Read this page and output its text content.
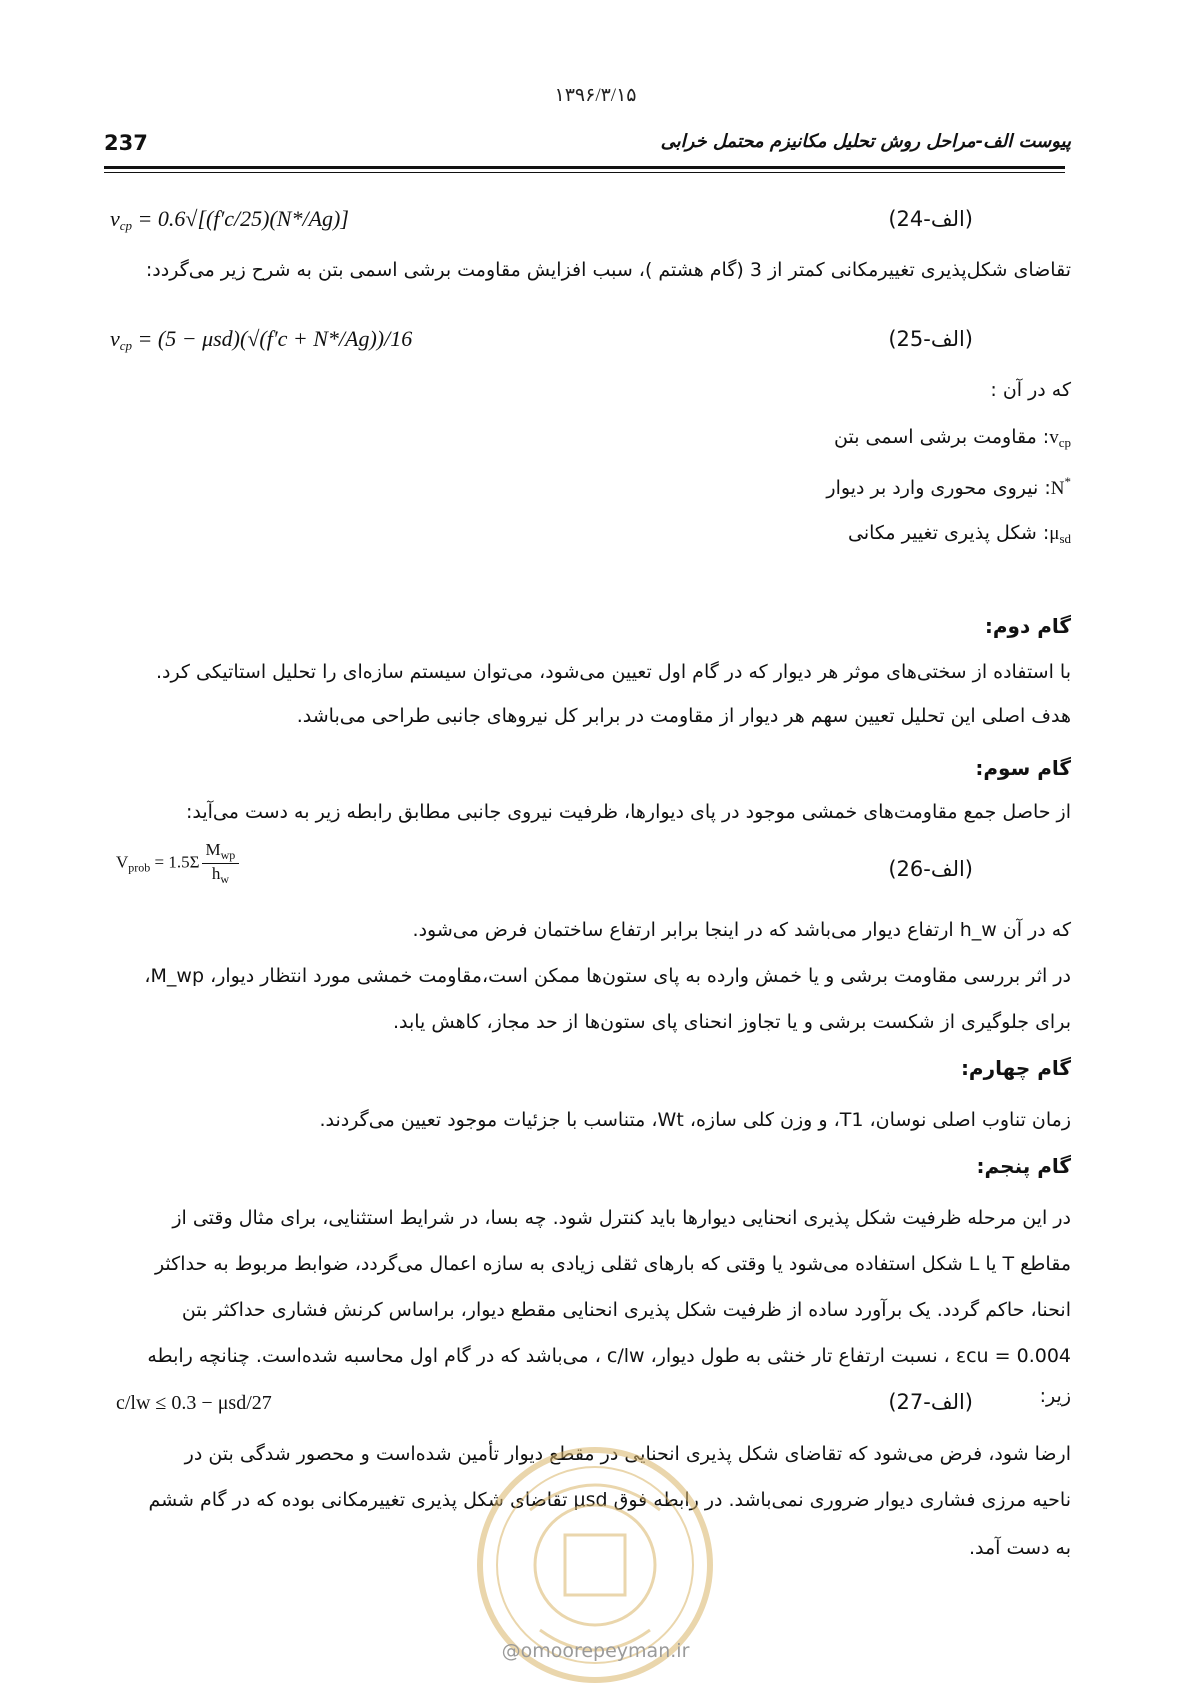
۱۳۹۶/۳/۱۵
237	پیوست الف-مراحل روش تحلیل مکانیزم محتمل خرابی
$v_{cp} = 0.6√[(f'c/25)(N*/Ag)]$	(الف-24)
تقاضای شکل‌پذیری تغییرمکانی کمتر از 3 (گام هشتم )، سبب افزایش مقاومت برشی اسمی بتن به شرح زیر می‌گردد:
$v_{cp} = (5 - \mu sd)(√(f'c + N*/Ag))/16$	(الف-25)
که در آن :
$v_{cp}$: مقاومت برشی اسمی بتن
N*: نیروی محوری وارد بر دیوار
$\mu_{sd}$: شکل پذیری تغییر مکانی
گام دوم:
با استفاده از سختی‌های موثر هر دیوار که در گام اول تعیین می‌شود، می‌توان سیستم سازه‌ای را تحلیل استاتیکی کرد.
هدف اصلی این تحلیل تعیین سهم هر دیوار از مقاومت در برابر کل نیروهای جانبی طراحی می‌باشد.
گام سوم:
از حاصل جمع مقاومت‌های خمشی موجود در پای دیوارها، ظرفیت نیروی جانبی مطابق رابطه زیر به دست می‌آید:
$V_{prob} = 1.5\Sigma \frac{M_{wp}}{h_w}$	(الف-26)
که در آن h_w ارتفاع دیوار می‌باشد که در اینجا برابر ارتفاع ساختمان فرض می‌شود.
در اثر بررسی مقاومت برشی و یا خمش وارده به پای ستون‌ها ممکن است،مقاومت خمشی مورد انتظار دیوار، M_wp،
برای جلوگیری از شکست برشی و یا تجاوز انحنای پای ستون‌ها از حد مجاز، کاهش یابد.
گام چهارم:
زمان تناوب اصلی نوسان، T1، و وزن کلی سازه، Wt، متناسب با جزئیات موجود تعیین می‌گردند.
گام پنجم:
در این مرحله ظرفیت شکل پذیری انحنایی دیوارها باید کنترل شود. چه بسا، در شرایط استثنایی، برای مثال وقتی از
مقاطع T یا L شکل استفاده می‌شود یا وقتی که بارهای ثقلی زیادی به سازه اعمال می‌گردد، ضوابط مربوط به حداکثر
انحنا، حاکم گردد. یک برآورد ساده از ظرفیت شکل پذیری انحنایی مقطع دیوار، براساس کرنش فشاری حداکثر بتن
εcu = 0.004 ، نسبت ارتفاع تار خنثی به طول دیوار، c/lw ، می‌باشد که در گام اول محاسبه شده‌است. چنانچه رابطه زیر:
c/lw ≤ 0.3 − μsd/27	(الف-27)
ارضا شود، فرض می‌شود که تقاضای شکل پذیری انحنایی در مقطع دیوار تأمین شده‌است و محصور شدگی بتن در
ناحیه مرزی فشاری دیوار ضروری نمی‌باشد. در رابطه فوق μsd تقاضای شکل پذیری تغییرمکانی بوده که در گام ششم
به دست آمد.
@omoorepeyman.ir
